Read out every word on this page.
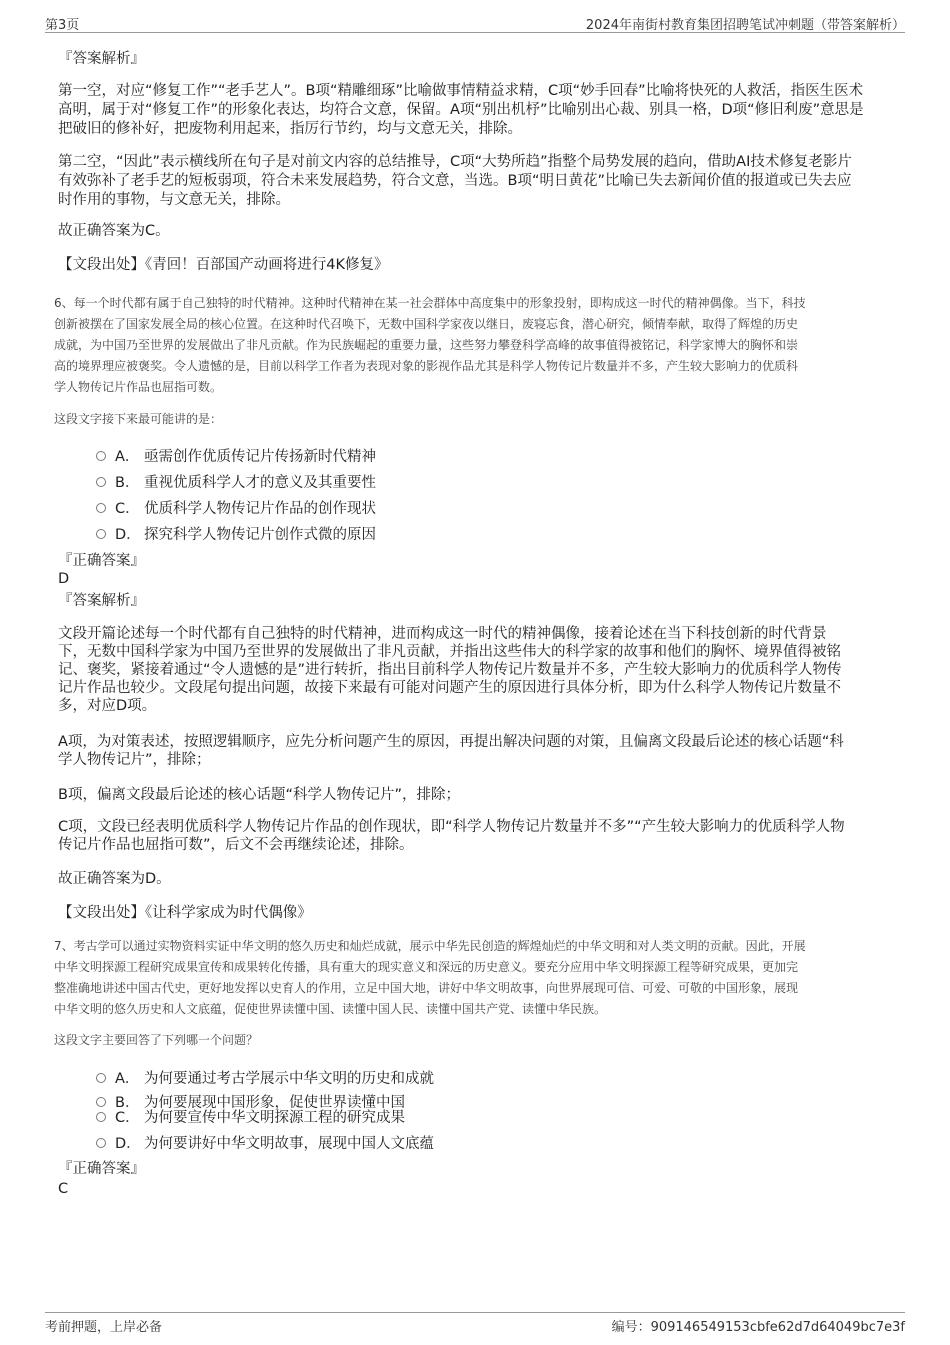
第3页	2024年南街村教育集团招聘笔试冲刺题（带答案解析）

『答案解析』

第一空，对应“修复工作”“老手艺人”。B项“精雕细琢”比喻做事情精益求精，C项“妙手回春”比喻将快死的人救活，指医生医术

高明，属于对“修复工作”的形象化表达，均符合文意，保留。A项“别出机杼”比喻别出心裁、别具一格，D项“修旧利废”意思是

把破旧的修补好，把废物利用起来，指厉行节约，均与文意无关，排除。

第二空，“因此”表示横线所在句子是对前文内容的总结推导，C项“大势所趋”指整个局势发展的趋向，借助AI技术修复老影片

有效弥补了老手艺的短板弱项，符合未来发展趋势，符合文意，当选。B项“明日黄花”比喻已失去新闻价值的报道或已失去应

时作用的事物，与文意无关，排除。

故正确答案为C。

【文段出处】《青回！百部国产动画将进行4K修复》

6、每一个时代都有属于自己独特的时代精神。这种时代精神在某一社会群体中高度集中的形象投射，即构成这一时代的精神偶像。当下，科技

创新被摆在了国家发展全局的核心位置。在这种时代召唤下，无数中国科学家夜以继日，废寝忘食，潜心研究，倾情奉献，取得了辉煌的历史

成就，为中国乃至世界的发展做出了非凡贡献。作为民族崛起的重要力量，这些努力攀登科学高峰的故事值得被铭记，科学家博大的胸怀和崇

高的境界理应被褒奖。令人遗憾的是，目前以科学工作者为表现对象的影视作品尤其是科学人物传记片数量并不多，产生较大影响力的优质科

学人物传记片作品也屈指可数。

这段文字接下来最可能讲的是：

A． 亟需创作优质传记片传扬新时代精神
B． 重视优质科学人才的意义及其重要性
C． 优质科学人物传记片作品的创作现状
D． 探究科学人物传记片创作式微的原因

『正确答案』

D

『答案解析』

文段开篇论述每一个时代都有自己独特的时代精神，进而构成这一时代的精神偶像，接着论述在当下科技创新的时代背景

下，无数中国科学家为中国乃至世界的发展做出了非凡贡献，并指出这些伟大的科学家的故事和他们的胸怀、境界值得被铭

记、褒奖，紧接着通过“令人遗憾的是”进行转折，指出目前科学人物传记片数量并不多，产生较大影响力的优质科学人物传

记片作品也较少。文段尾句提出问题，故接下来最有可能对问题产生的原因进行具体分析，即为什么科学人物传记片数量不

多，对应D项。

A项，为对策表述，按照逻辑顺序，应先分析问题产生的原因，再提出解决问题的对策，且偏离文段最后论述的核心话题“科

学人物传记片”，排除；

B项，偏离文段最后论述的核心话题“科学人物传记片”，排除；

C项，文段已经表明优质科学人物传记片作品的创作现状，即“科学人物传记片数量并不多”“产生较大影响力的优质科学人物

传记片作品也屈指可数”，后文不会再继续论述，排除。

故正确答案为D。

【文段出处】《让科学家成为时代偶像》

7、考古学可以通过实物资料实证中华文明的悠久历史和灿烂成就，展示中华先民创造的辉煌灿烂的中华文明和对人类文明的贡献。因此，开展

中华文明探源工程研究成果宣传和成果转化传播，具有重大的现实意义和深远的历史意义。要充分应用中华文明探源工程等研究成果，更加完

整准确地讲述中国古代史，更好地发挥以史育人的作用，立足中国大地，讲好中华文明故事，向世界展现可信、可爱、可敬的中国形象，展现

中华文明的悠久历史和人文底蕴，促使世界读懂中国、读懂中国人民、读懂中国共产党、读懂中华民族。

这段文字主要回答了下列哪一个问题？

A． 为何要通过考古学展示中华文明的历史和成就
B． 为何要展现中国形象，促使世界读懂中国
C． 为何要宣传中华文明探源工程的研究成果
D． 为何要讲好中华文明故事，展现中国人文底蕴

『正确答案』

C

考前押题，上岸必备	编号：909146549153cbfe62d7d64049bc7e3f
